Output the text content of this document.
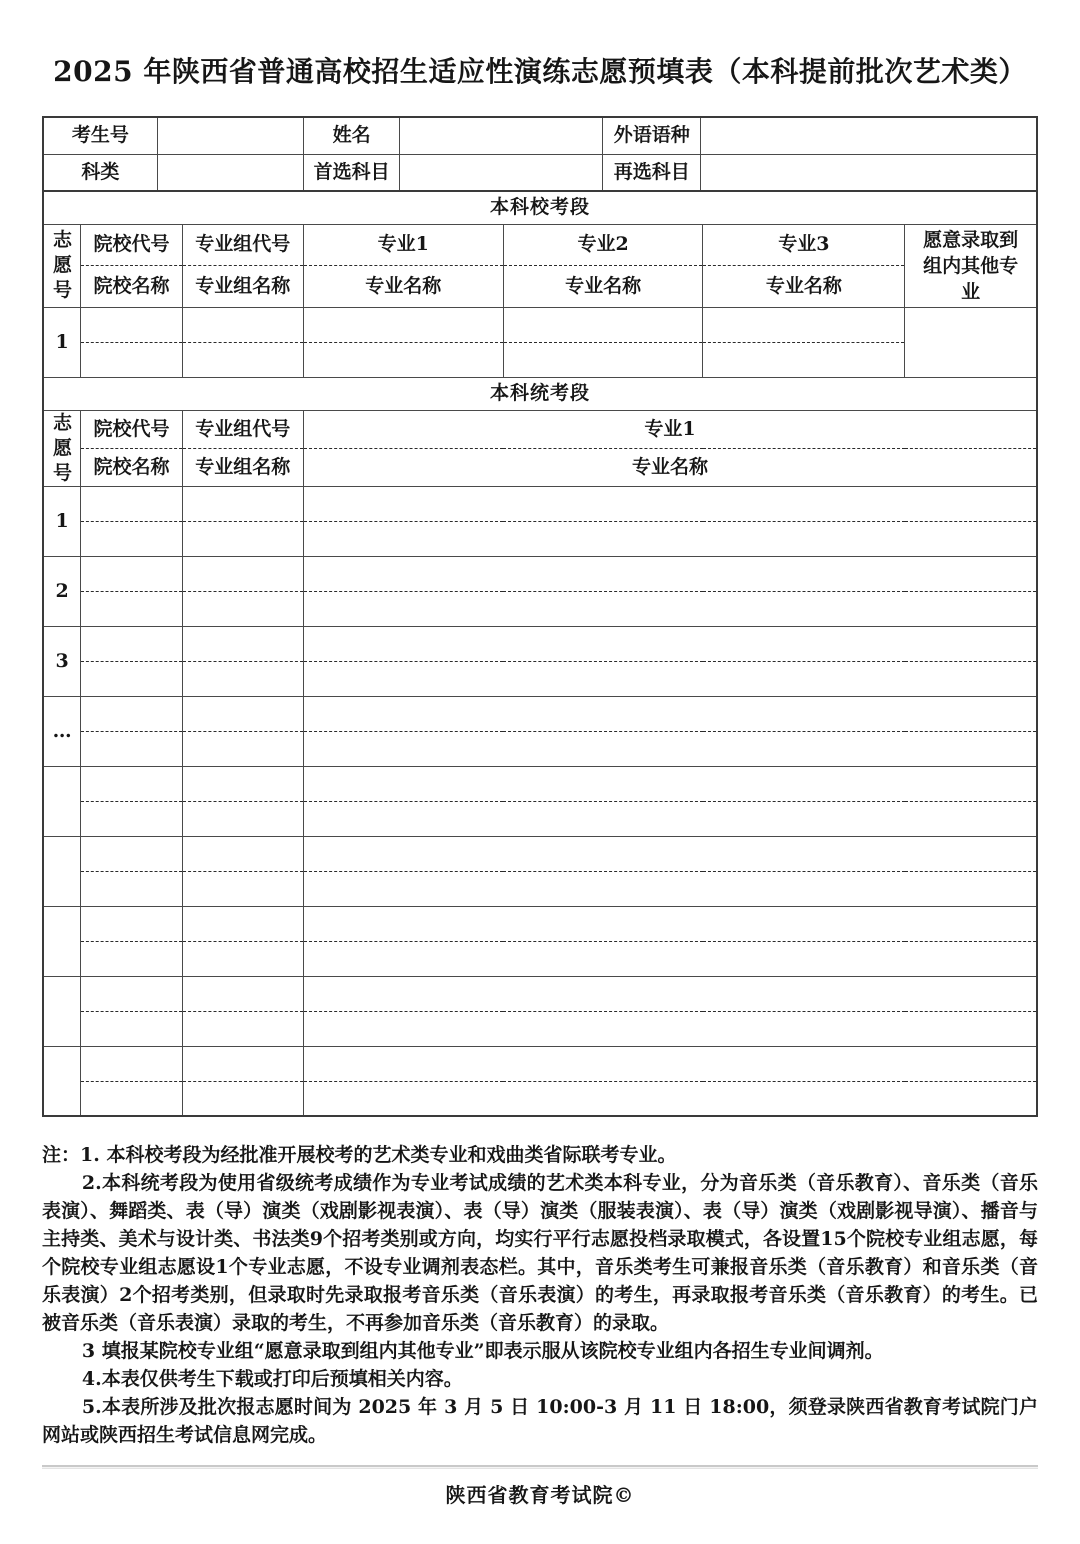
2025 年陕西省普通高校招生适应性演练志愿预填表（本科提前批次艺术类）
考生号		姓名		外语语种	
科类		首选科目		再选科目	
本科校考段						
志愿号	院校代号	专业组代号	专业1	专业2	专业3	愿意录取到组内其他专业
	院校名称	专业组名称	专业名称	专业名称	专业名称	
1						

本科统考段						
志愿号	院校代号	专业组代号	专业1			
	院校名称	专业组名称	专业名称			
1						

2						

3						

…						

注：1. 本科校考段为经批准开展校考的艺术类专业和戏曲类省际联考专业。

2.本科统考段为使用省级统考成绩作为专业考试成绩的艺术类本科专业，分为音乐类（音乐教育）、音乐类（音乐表演）、舞蹈类、表（导）演类（戏剧影视表演）、表（导）演类（服装表演）、表（导）演类（戏剧影视导演）、播音与主持类、美术与设计类、书法类9个招考类别或方向，均实行平行志愿投档录取模式，各设置15个院校专业组志愿，每个院校专业组志愿设1个专业志愿，不设专业调剂表态栏。其中，音乐类考生可兼报音乐类（音乐教育）和音乐类（音乐表演）2个招考类别，但录取时先录取报考音乐类（音乐表演）的考生，再录取报考音乐类（音乐教育）的考生。已被音乐类（音乐表演）录取的考生，不再参加音乐类（音乐教育）的录取。

3 填报某院校专业组“愿意录取到组内其他专业”即表示服从该院校专业组内各招生专业间调剂。

4.本表仅供考生下载或打印后预填相关内容。

5.本表所涉及批次报志愿时间为 2025 年 3 月 5 日 10:00-3 月 11 日 18:00，须登录陕西省教育考试院门户网站或陕西招生考试信息网完成。

陕西省教育考试院©
